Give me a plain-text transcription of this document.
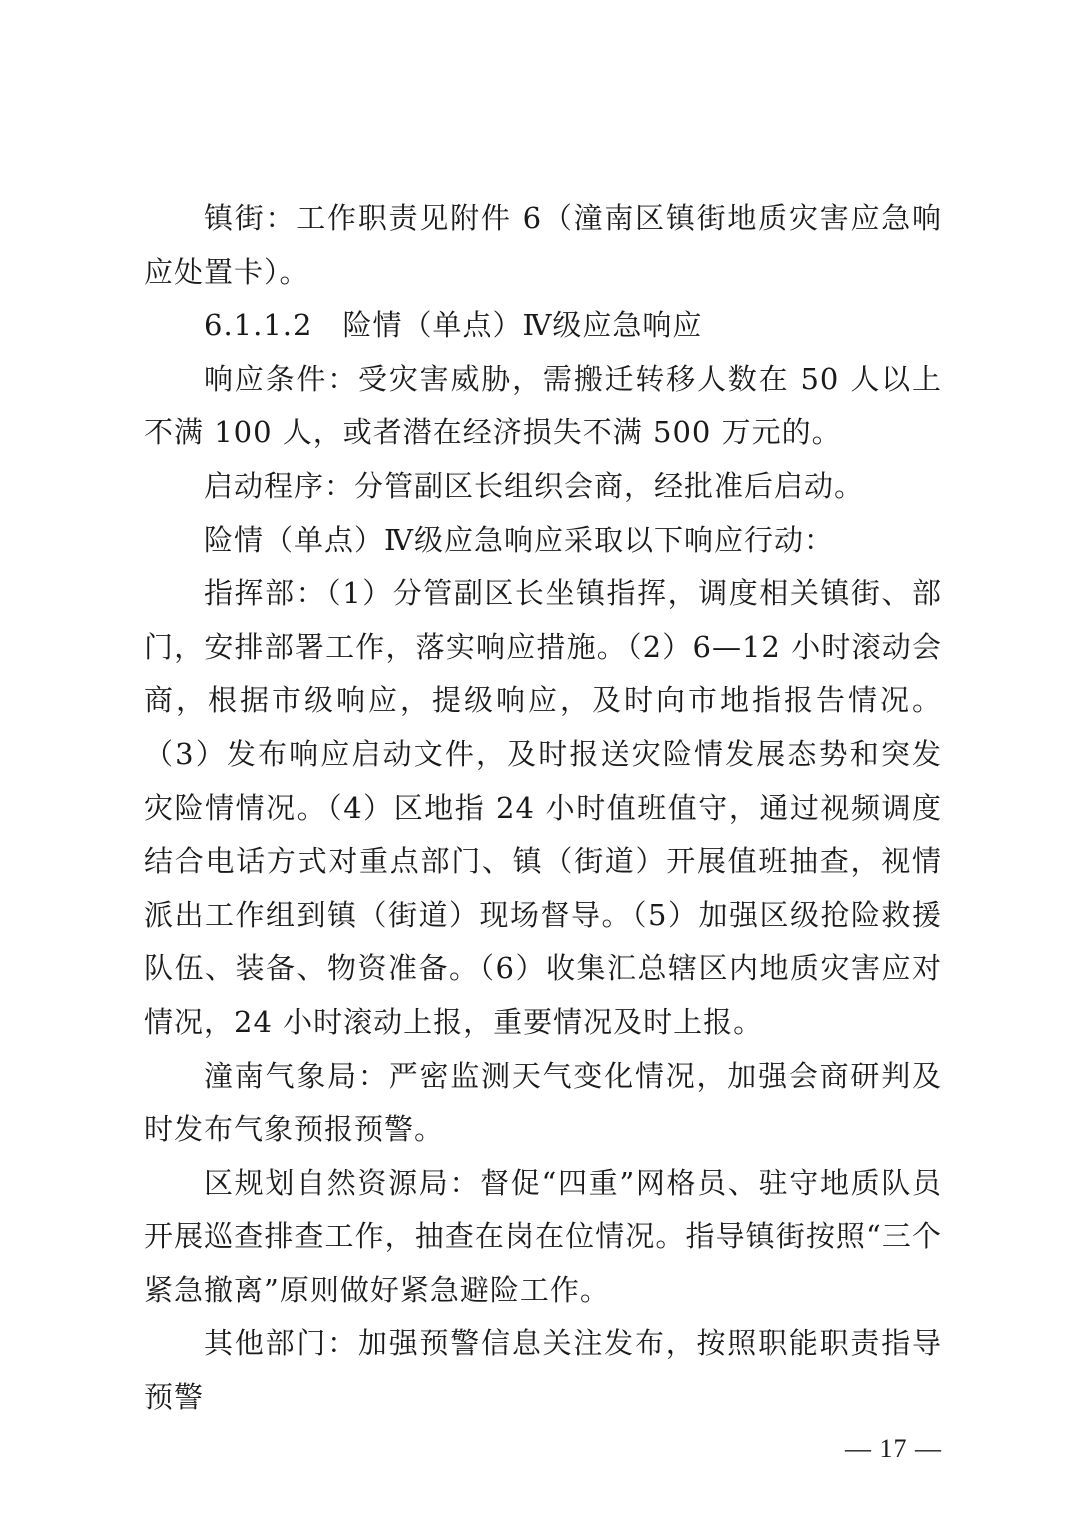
镇街：工作职责见附件 6（潼南区镇街地质灾害应急响应处置卡）。

6.1.1.2　险情（单点）Ⅳ级应急响应

响应条件：受灾害威胁，需搬迁转移人数在 50 人以上不满 100 人，或者潜在经济损失不满 500 万元的。

启动程序：分管副区长组织会商，经批准后启动。

险情（单点）Ⅳ级应急响应采取以下响应行动：

指挥部：（1）分管副区长坐镇指挥，调度相关镇街、部门，安排部署工作，落实响应措施。（2）6—12 小时滚动会商，根据市级响应，提级响应，及时向市地指报告情况。（3）发布响应启动文件，及时报送灾险情发展态势和突发灾险情情况。（4）区地指 24 小时值班值守，通过视频调度结合电话方式对重点部门、镇（街道）开展值班抽查，视情派出工作组到镇（街道）现场督导。（5）加强区级抢险救援队伍、装备、物资准备。（6）收集汇总辖区内地质灾害应对情况，24 小时滚动上报，重要情况及时上报。

潼南气象局：严密监测天气变化情况，加强会商研判及时发布气象预报预警。

区规划自然资源局：督促“四重”网格员、驻守地质队员开展巡查排查工作，抽查在岗在位情况。指导镇街按照“三个紧急撤离”原则做好紧急避险工作。

其他部门：加强预警信息关注发布，按照职能职责指导预警

— 17 —
